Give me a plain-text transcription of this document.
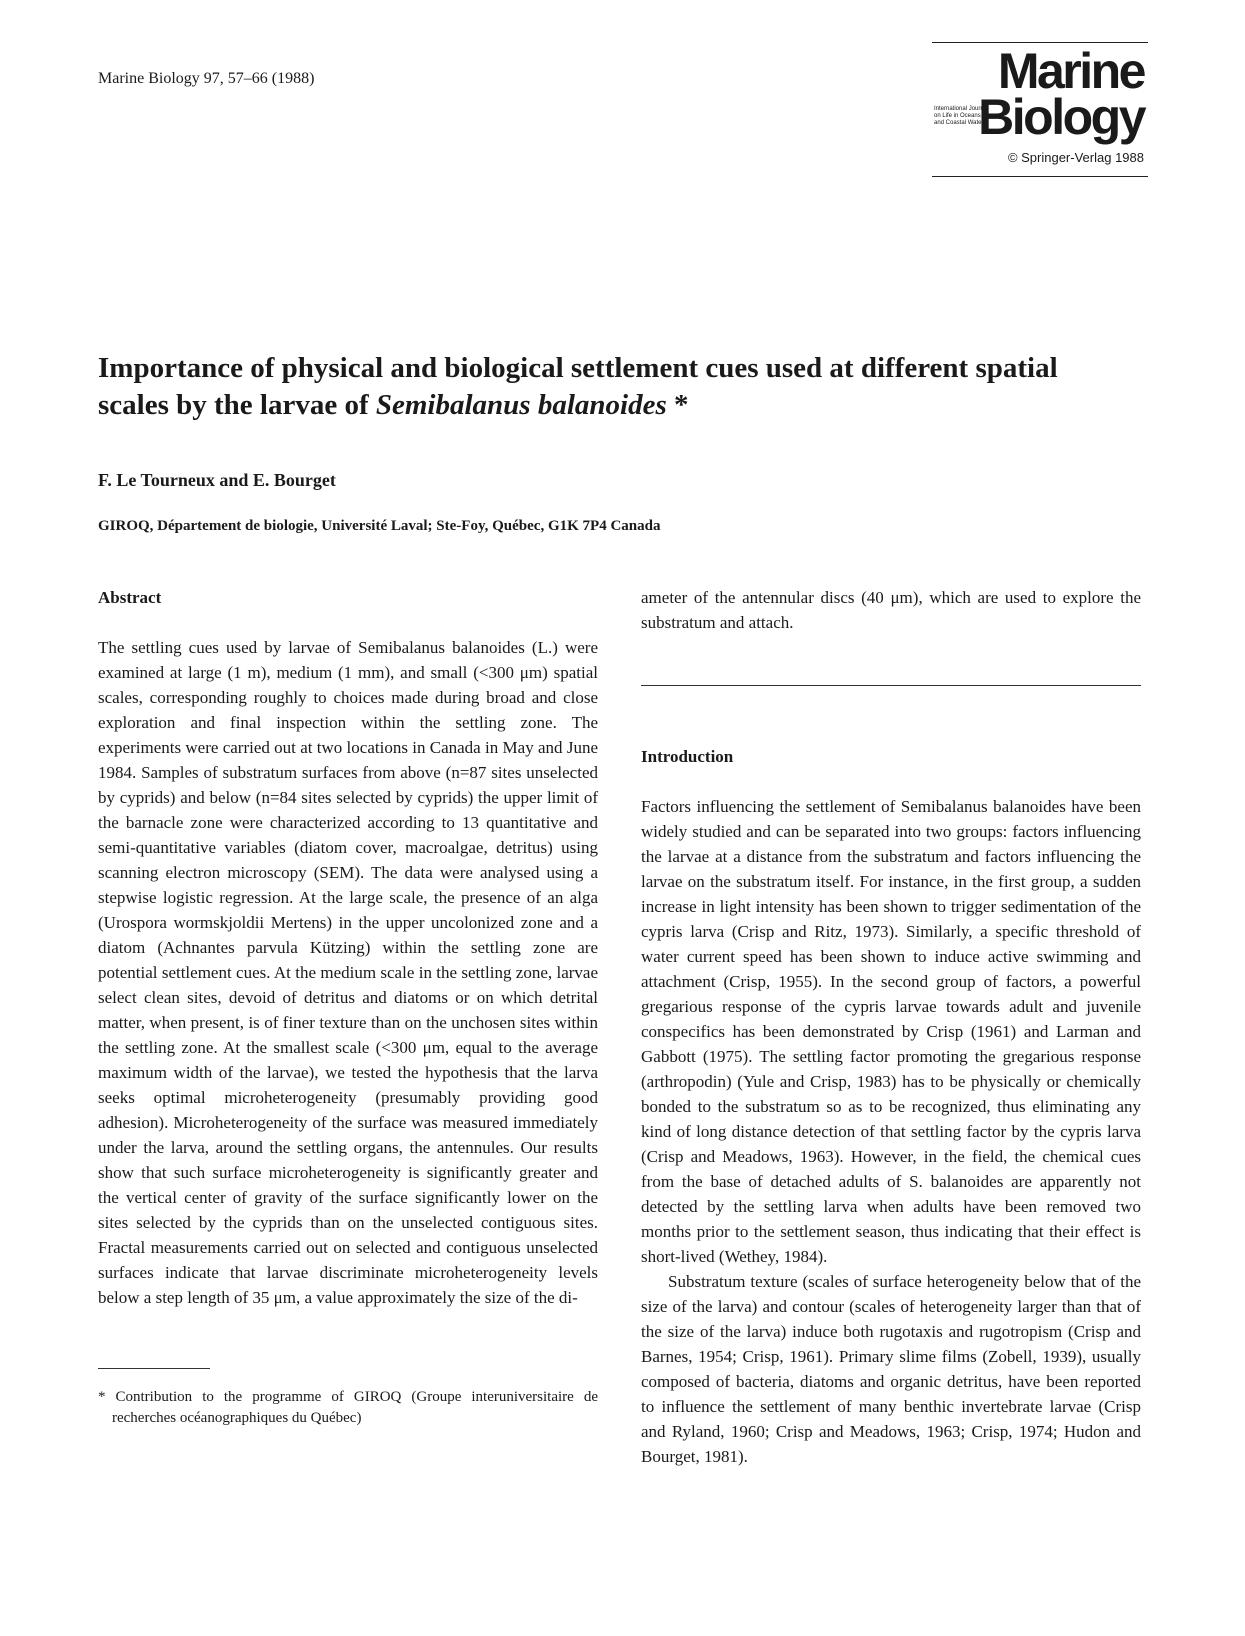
Marine Biology 97, 57–66 (1988)	Marine
International Journal
on Life in Oceans
and Coastal Waters
Biology
© Springer-Verlag 1988
Importance of physical and biological settlement cues used at different spatial scales by the larvae of Semibalanus balanoides *
F. Le Tourneux and E. Bourget
GIROQ, Département de biologie, Université Laval; Ste-Foy, Québec, G1K 7P4 Canada

Abstract

The settling cues used by larvae of Semibalanus balanoides (L.) were examined at large (1 m), medium (1 mm), and small (<300 μm) spatial scales, corresponding roughly to choices made during broad and close exploration and final inspection within the settling zone. The experiments were carried out at two locations in Canada in May and June 1984. Samples of substratum surfaces from above (n=87 sites unselected by cyprids) and below (n=84 sites selected by cyprids) the upper limit of the barnacle zone were characterized according to 13 quantitative and semi-quantitative variables (diatom cover, macroalgae, detritus) using scanning electron microscopy (SEM). The data were analysed using a stepwise logistic regression. At the large scale, the presence of an alga (Urospora wormskjoldii Mertens) in the upper uncolonized zone and a diatom (Achnantes parvula Kützing) within the settling zone are potential settlement cues. At the medium scale in the settling zone, larvae select clean sites, devoid of detritus and diatoms or on which detrital matter, when present, is of finer texture than on the unchosen sites within the settling zone. At the smallest scale (<300 μm, equal to the average maximum width of the larvae), we tested the hypothesis that the larva seeks optimal microheterogeneity (presumably providing good adhesion). Microheterogeneity of the surface was measured immediately under the larva, around the settling organs, the antennules. Our results show that such surface microheterogeneity is significantly greater and the vertical center of gravity of the surface significantly lower on the sites selected by the cyprids than on the unselected contiguous sites. Fractal measurements carried out on selected and contiguous unselected surfaces indicate that larvae discriminate microheterogeneity levels below a step length of 35 μm, a value approximately the size of the di-

* Contribution to the programme of GIROQ (Groupe interuniversitaire de recherches océanographiques du Québec)

Introduction

Factors influencing the settlement of Semibalanus balanoides have been widely studied and can be separated into two groups: factors influencing the larvae at a distance from the substratum and factors influencing the larvae on the substratum itself. For instance, in the first group, a sudden increase in light intensity has been shown to trigger sedimentation of the cypris larva (Crisp and Ritz, 1973). Similarly, a specific threshold of water current speed has been shown to induce active swimming and attachment (Crisp, 1955). In the second group of factors, a powerful gregarious response of the cypris larvae towards adult and juvenile conspecifics has been demonstrated by Crisp (1961) and Larman and Gabbott (1975). The settling factor promoting the gregarious response (arthropodin) (Yule and Crisp, 1983) has to be physically or chemically bonded to the substratum so as to be recognized, thus eliminating any kind of long distance detection of that settling factor by the cypris larva (Crisp and Meadows, 1963). However, in the field, the chemical cues from the base of detached adults of S. balanoides are apparently not detected by the settling larva when adults have been removed two months prior to the settlement season, thus indicating that their effect is short-lived (Wethey, 1984).

Substratum texture (scales of surface heterogeneity below that of the size of the larva) and contour (scales of heterogeneity larger than that of the size of the larva) induce both rugotaxis and rugotropism (Crisp and Barnes, 1954; Crisp, 1961). Primary slime films (Zobell, 1939), usually composed of bacteria, diatoms and organic detritus, have been reported to influence the settlement of many benthic invertebrate larvae (Crisp and Ryland, 1960; Crisp and Meadows, 1963; Crisp, 1974; Hudon and Bourget, 1981).

ameter of the antennular discs (40 μm), which are used to explore the substratum and attach.
